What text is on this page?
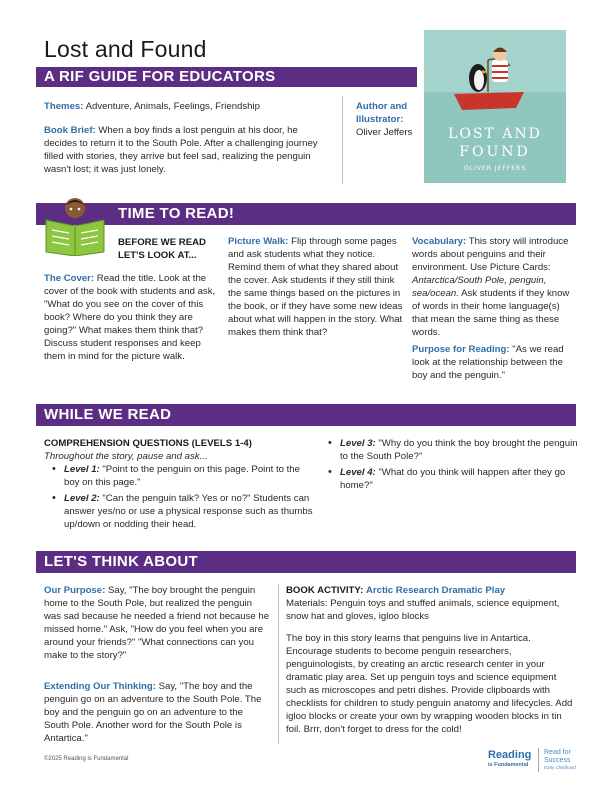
Lost and Found
A RIF GUIDE FOR EDUCATORS
Themes: Adventure, Animals, Feelings, Friendship
Book Brief: When a boy finds a lost penguin at his door, he decides to return it to the South Pole. After a challenging journey filled with stories, they arrive but feel sad, realizing the penguin wasn't lost; it was just lonely.
Author and Illustrator:
Oliver Jeffers	LOST AND
FOUND
OLIVER JEFFERS
TIME TO READ!
BEFORE WE READ LET'S LOOK AT...
The Cover: Read the title. Look at the cover of the book with students and ask, "What do you see on the cover of this book? Where do you think they are going?" What makes them think that? Discuss student responses and keep them in mind for the picture walk.
Picture Walk: Flip through some pages and ask students what they notice. Remind them of what they shared about the cover. Ask students if they still think the same things based on the pictures in the book, or if they have some new ideas about what will happen in the story. What makes them think that?
Vocabulary: This story will introduce words about penguins and their environment. Use Picture Cards: Antarctica/South Pole, penguin, sea/ocean. Ask students if they know of words in their home language(s) that mean the same thing as these words.
Purpose for Reading: "As we read look at the relationship between the boy and the penguin."
WHILE WE READ
COMPREHENSION QUESTIONS (LEVELS 1-4)
Throughout the story, pause and ask...
• Level 1: "Point to the penguin on this page. Point to the boy on this page."
• Level 2: "Can the penguin talk? Yes or no?" Students can answer yes/no or use a physical response such as thumbs up/down or nodding their head.
• Level 3: "Why do you think the boy brought the penguin to the South Pole?"
• Level 4: "What do you think will happen after they go home?"
LET'S THINK ABOUT
Our Purpose: Say, "The boy brought the penguin home to the South Pole, but realized the penguin was sad because he needed a friend not because he missed home." Ask, "How do you feel when you are around your friends?" "What connections can you make to the story?"
Extending Our Thinking: Say, "The boy and the penguin go on an adventure to the South Pole. The boy and the penguin go on an adventure to the South Pole. Another word for the South Pole is Antartica."
BOOK ACTIVITY: Arctic Research Dramatic Play
Materials: Penguin toys and stuffed animals, science equipment, snow hat and gloves, igloo blocks
The boy in this story learns that penguins live in Antartica. Encourage students to become penguin researchers, penguinologists, by creating an arctic research center in your dramatic play area. Set up penguin toys and science equipment such as microscopes and petri dishes. Provide clipboards with checklists for children to study penguin anatomy and lifecycles. Add igloo blocks or create your own by wrapping wooden blocks in tin foil. Brrr, don't forget to dress for the cold!
©2025 Reading is Fundamental	Reading
is Fundamental
Read for
Success
Early Childhood
